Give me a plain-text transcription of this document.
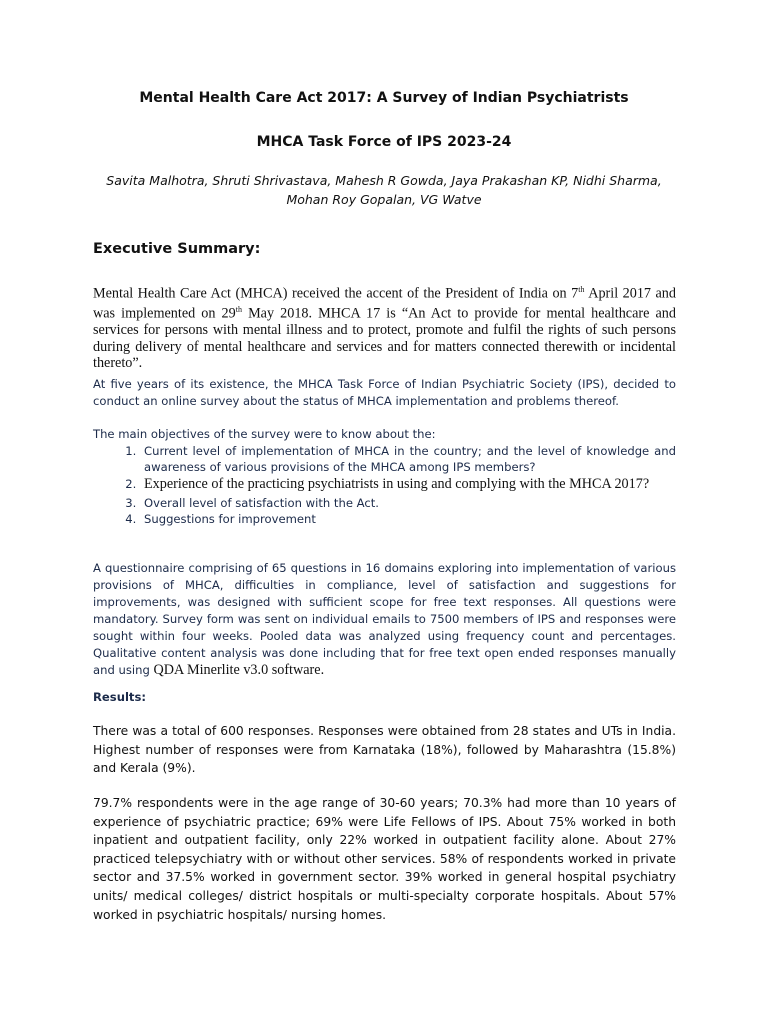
Mental Health Care Act 2017: A Survey of Indian Psychiatrists
MHCA Task Force of IPS 2023-24

Savita Malhotra, Shruti Shrivastava, Mahesh R Gowda, Jaya Prakashan KP, Nidhi Sharma,
Mohan Roy Gopalan, VG Watve

Executive Summary:

Mental Health Care Act (MHCA) received the accent of the President of India on 7th April 2017 and was implemented on 29th May 2018. MHCA 17 is “An Act to provide for mental healthcare and services for persons with mental illness and to protect, promote and fulfil the rights of such persons during delivery of mental healthcare and services and for matters connected therewith or incidental thereto”.

At five years of its existence, the MHCA Task Force of Indian Psychiatric Society (IPS), decided to conduct an online survey about the status of MHCA implementation and problems thereof.

The main objectives of the survey were to know about the:

1. Current level of implementation of MHCA in the country; and the level of knowledge and awareness of various provisions of the MHCA among IPS members?
2. Experience of the practicing psychiatrists in using and complying with the MHCA 2017?
3. Overall level of satisfaction with the Act.
4. Suggestions for improvement

A questionnaire comprising of 65 questions in 16 domains exploring into implementation of various provisions of MHCA, difficulties in compliance, level of satisfaction and suggestions for improvements, was designed with sufficient scope for free text responses. All questions were mandatory. Survey form was sent on individual emails to 7500 members of IPS and responses were sought within four weeks. Pooled data was analyzed using frequency count and percentages. Qualitative content analysis was done including that for free text open ended responses manually and using QDA Minerlite v3.0 software.

Results:

There was a total of 600 responses. Responses were obtained from 28 states and UTs in India. Highest number of responses were from Karnataka (18%), followed by Maharashtra (15.8%) and Kerala (9%).

79.7% respondents were in the age range of 30-60 years; 70.3% had more than 10 years of experience of psychiatric practice; 69% were Life Fellows of IPS. About 75% worked in both inpatient and outpatient facility, only 22% worked in outpatient facility alone. About 27% practiced telepsychiatry with or without other services. 58% of respondents worked in private sector and 37.5% worked in government sector. 39% worked in general hospital psychiatry units/ medical colleges/ district hospitals or multi-specialty corporate hospitals. About 57% worked in psychiatric hospitals/ nursing homes.
